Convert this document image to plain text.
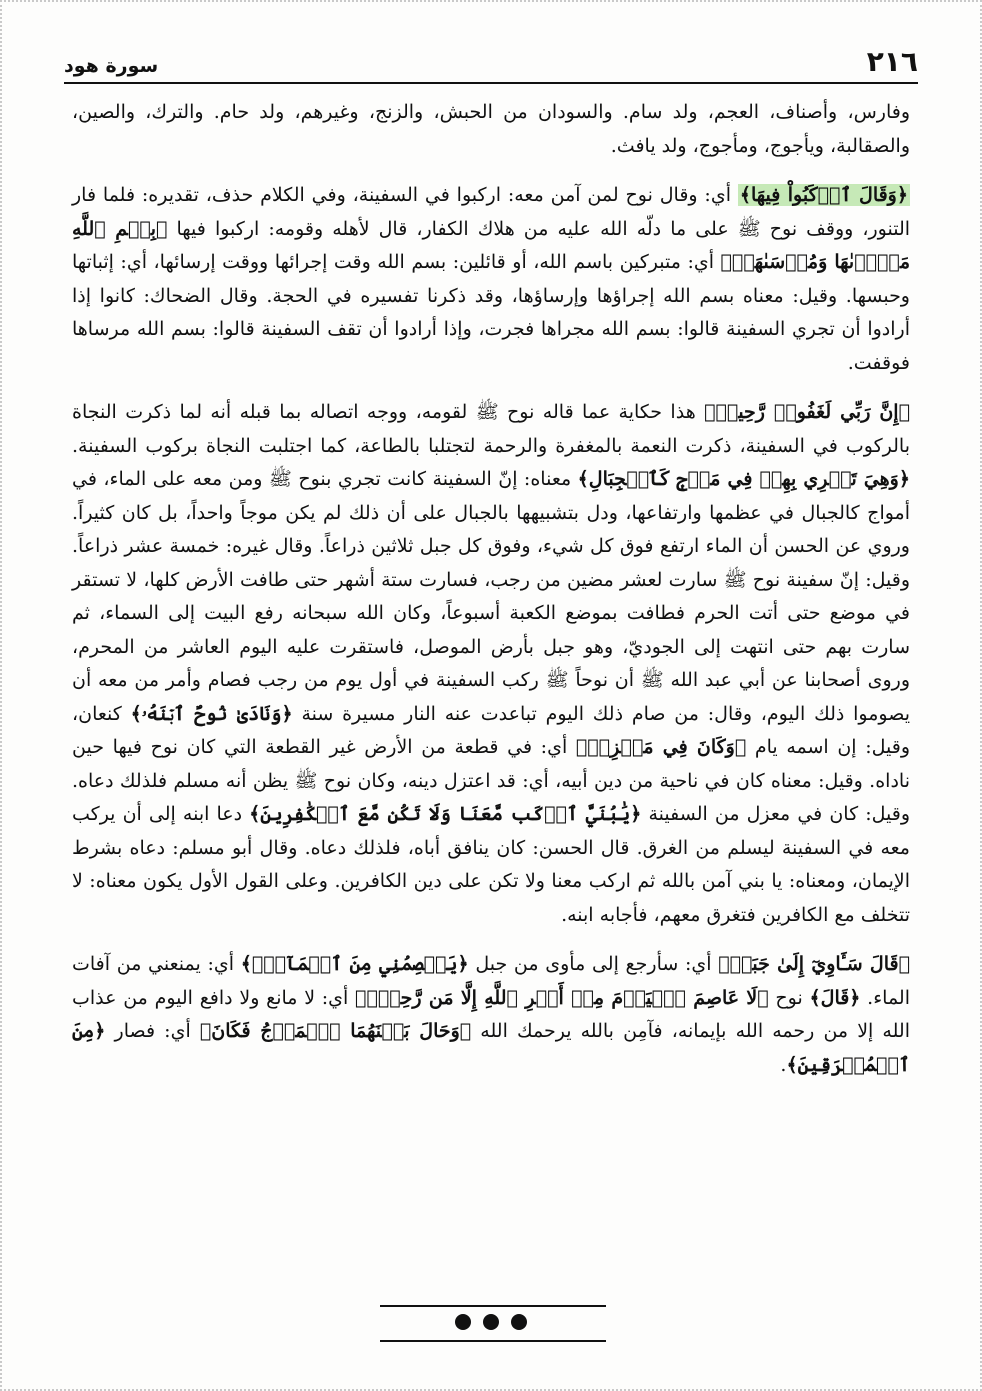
٢١٦
سورة هود

وفارس، وأصناف، العجم، ولد سام. والسودان من الحبش، والزنج، وغيرهم، ولد حام. والترك، والصين، والصقالبة، ويأجوج، ومأجوج، ولد يافث.

﴿وَقَالَ ٱرۡكَبُواْ فِيهَا﴾ أي: وقال نوح لمن آمن معه: اركبوا في السفينة، وفي الكلام حذف، تقديره: فلما فار التنور، ووقف نوح ﷺ على ما دلّه الله عليه من هلاك الكفار، قال لأهله وقومه: اركبوا فيها ﴿بِسۡمِ ٱللَّهِ مَجۡرٜىٰهَا وَمُرۡسَىٰهَآۚ﴾ أي: متبركين باسم الله، أو قائلين: بسم الله وقت إجرائها ووقت إرسائها، أي: إثباتها وحبسها. وقيل: معناه بسم الله إجراؤها وإرساؤها، وقد ذكرنا تفسيره في الحجة. وقال الضحاك: كانوا إذا أرادوا أن تجري السفينة قالوا: بسم الله مجراها فجرت، وإذا أرادوا أن تقف السفينة قالوا: بسم الله مرساها فوقفت.

﴿إِنَّ رَبِّي لَغَفُورٞ رَّحِيمٞ﴾ هذا حكاية عما قاله نوح ﷺ لقومه، ووجه اتصاله بما قبله أنه لما ذكرت النجاة بالركوب في السفينة، ذكرت النعمة بالمغفرة والرحمة لتجتلبا بالطاعة، كما اجتلبت النجاة بركوب السفينة. ﴿وَهِيَ تَجۡرِي بِهِمۡ فِي مَوۡجٖ كَٱلۡجِبَالِ﴾ معناه: إنّ السفينة كانت تجري بنوح ﷺ ومن معه على الماء، في أمواج كالجبال في عظمها وارتفاعها، ودل بتشبيهها بالجبال على أن ذلك لم يكن موجاً واحداً، بل كان كثيراً. وروي عن الحسن أن الماء ارتفع فوق كل شيء، وفوق كل جبل ثلاثين ذراعاً. وقال غيره: خمسة عشر ذراعاً. وقيل: إنّ سفينة نوح ﷺ سارت لعشر مضين من رجب، فسارت ستة أشهر حتى طافت الأرض كلها، لا تستقر في موضع حتى أتت الحرم فطافت بموضع الكعبة أسبوعاً، وكان الله سبحانه رفع البيت إلى السماء، ثم سارت بهم حتى انتهت إلى الجوديّ، وهو جبل بأرض الموصل، فاستقرت عليه اليوم العاشر من المحرم، وروى أصحابنا عن أبي عبد الله ﷺ أن نوحاً ﷺ ركب السفينة في أول يوم من رجب فصام وأمر من معه أن يصوموا ذلك اليوم، وقال: من صام ذلك اليوم تباعدت عنه النار مسيرة سنة ﴿وَنَادَىٰ نُوحٌ ٱبۡنَهُۥ﴾ كنعان، وقيل: إن اسمه يام ﴿وَكَانَ فِي مَعۡزِلٖ﴾ أي: في قطعة من الأرض غير القطعة التي كان نوح فيها حين ناداه. وقيل: معناه كان في ناحية من دين أبيه، أي: قد اعتزل دينه، وكان نوح ﷺ يظن أنه مسلم فلذلك دعاه. وقيل: كان في معزل من السفينة ﴿يَٰبُنَيَّ ٱرۡكَب مَّعَنَا وَلَا تَكُن مَّعَ ٱلۡكَٰفِرِينَ﴾ دعا ابنه إلى أن يركب معه في السفينة ليسلم من الغرق. قال الحسن: كان ينافق أباه، فلذلك دعاه. وقال أبو مسلم: دعاه بشرط الإيمان، ومعناه: يا بني آمن بالله ثم اركب معنا ولا تكن على دين الكافرين. وعلى القول الأول يكون معناه: لا تتخلف مع الكافرين فتغرق معهم، فأجابه ابنه.

﴿قَالَ سَـَٔاوِيٓ إِلَىٰ جَبَلٖ﴾ أي: سأرجع إلى مأوى من جبل ﴿يَعۡصِمُنِي مِنَ ٱلۡمَآءِۚ﴾ أي: يمنعني من آفات الماء. ﴿قَالَ﴾ نوح ﴿لَا عَاصِمَ ٱلۡيَوۡمَ مِنۡ أَمۡرِ ٱللَّهِ إِلَّا مَن رَّحِمَۚ﴾ أي: لا مانع ولا دافع اليوم من عذاب الله إلا من رحمه الله بإيمانه، فآمِن بالله يرحمك الله ﴿وَحَالَ بَيۡنَهُمَا ٱلۡمَوۡجُ فَكَانَ﴾ أي: فصار ﴿مِنَ ٱلۡمُغۡرَقِينَ﴾.
